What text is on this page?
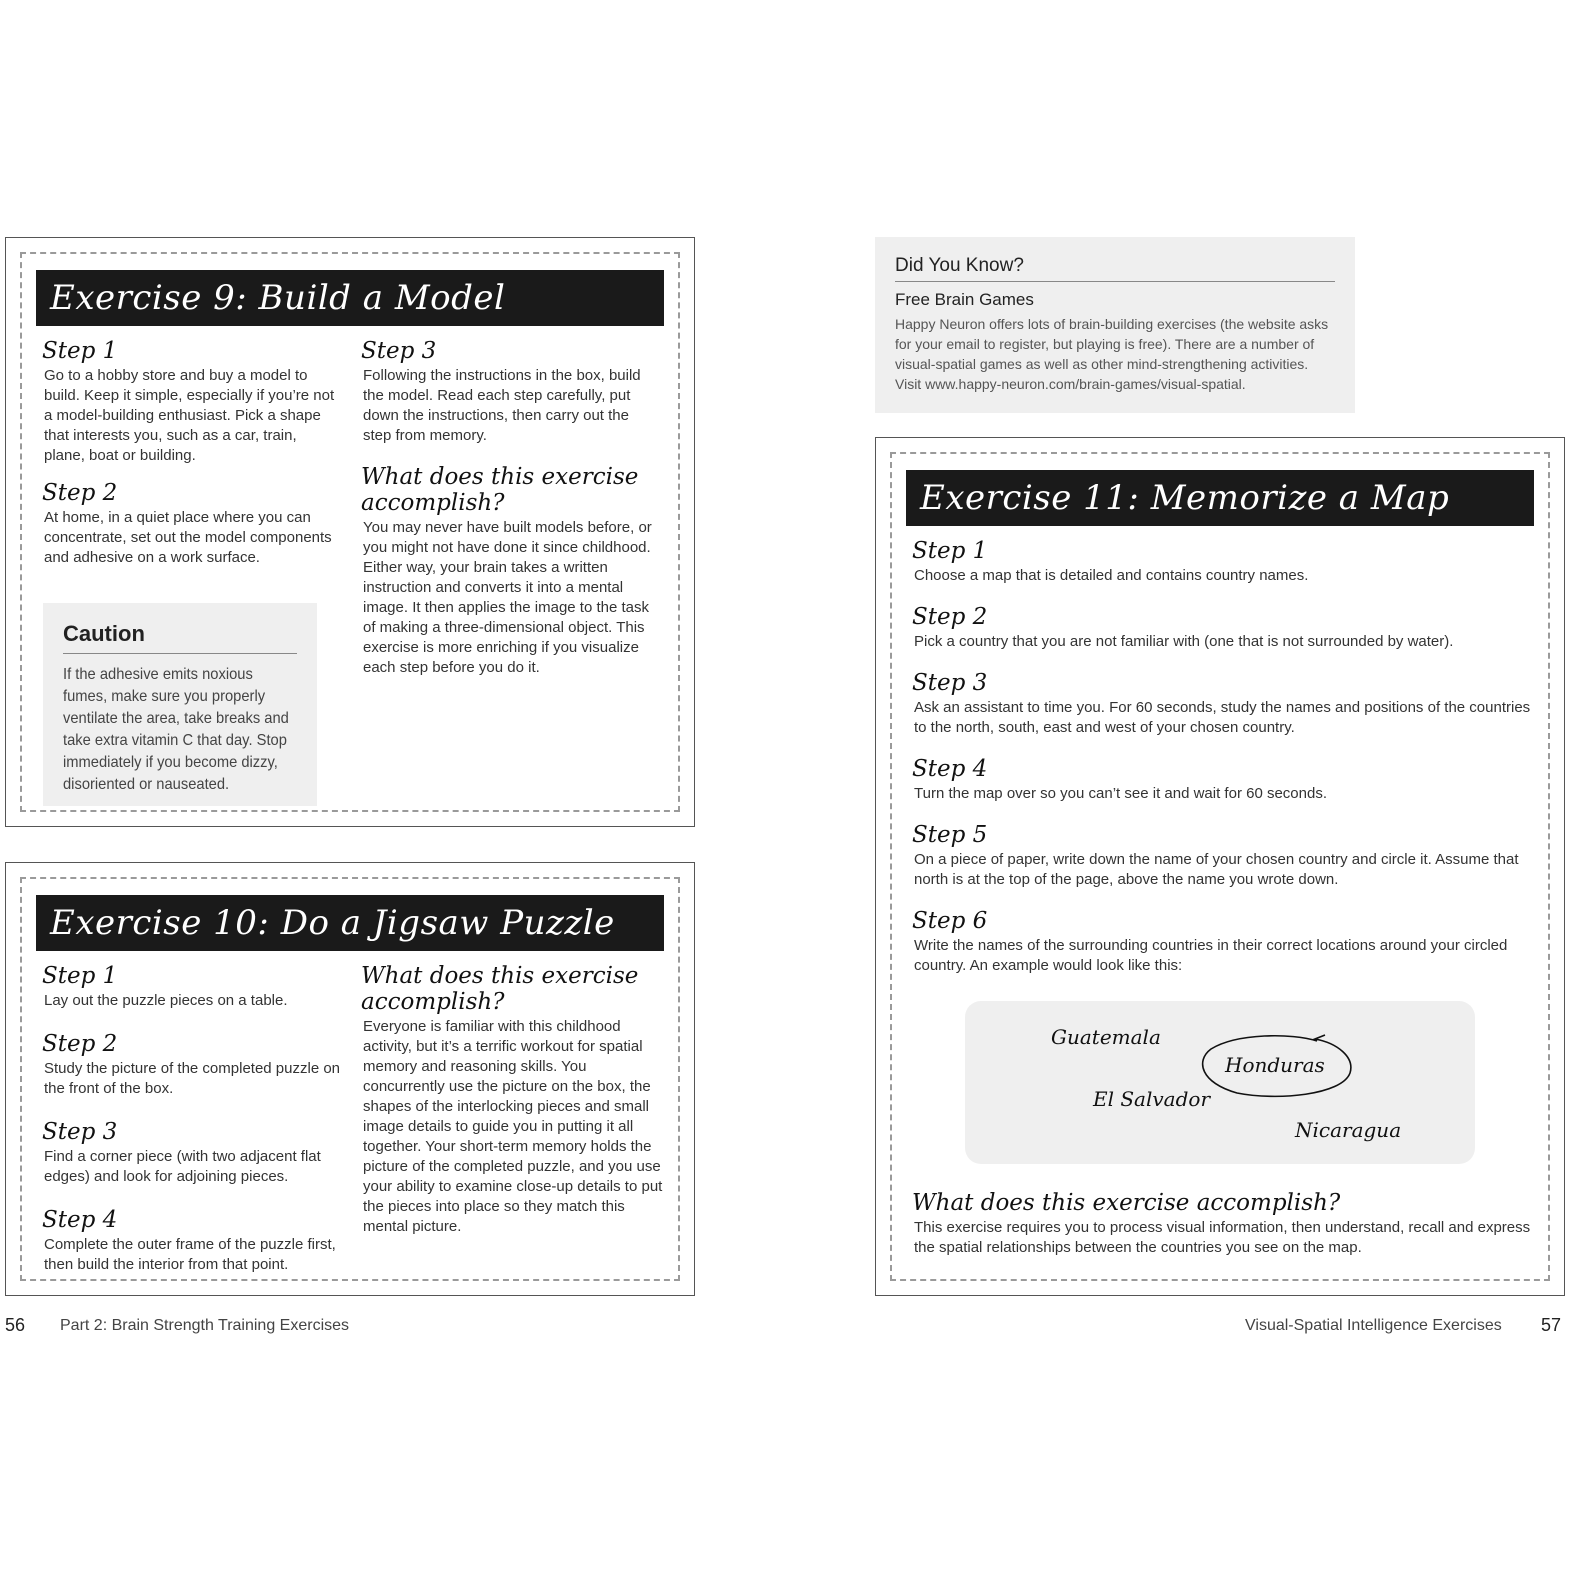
Exercise 9: Build a Model

Step 1

Go to a hobby store and buy a model to build. Keep it simple, especially if you’re not a model-building enthusiast. Pick a shape that interests you, such as a car, train, plane, boat or building.

Step 2

At home, in a quiet place where you can concentrate, set out the model components and adhesive on a work surface.

Caution

If the adhesive emits noxious fumes, make sure you properly ventilate the area, take breaks and take extra vitamin C that day. Stop immediately if you become dizzy, disoriented or nauseated.

Step 3

Following the instructions in the box, build the model. Read each step carefully, put down the instructions, then carry out the step from memory.

What does this exercise accomplish?

You may never have built models before, or you might not have done it since childhood. Either way, your brain takes a written instruction and converts it into a mental image. It then applies the image to the task of making a three-dimensional object. This exercise is more enriching if you visualize each step before you do it.

Exercise 10: Do a Jigsaw Puzzle

Step 1

Lay out the puzzle pieces on a table.

Step 2

Study the picture of the completed puzzle on the front of the box.

Step 3

Find a corner piece (with two adjacent flat edges) and look for adjoining pieces.

Step 4

Complete the outer frame of the puzzle first, then build the interior from that point.

What does this exercise accomplish?

Everyone is familiar with this childhood activity, but it’s a terrific workout for spatial memory and reasoning skills. You concurrently use the picture on the box, the shapes of the interlocking pieces and small image details to guide you in putting it all together. Your short-term memory holds the picture of the completed puzzle, and you use your ability to examine close-up details to put the pieces into place so they match this mental picture.

Did You Know?
Free Brain Games

Happy Neuron offers lots of brain-building exercises (the website asks for your email to register, but playing is free). There are a number of visual-spatial games as well as other mind-strengthening activities. Visit www.happy-neuron.com/brain-games/visual-spatial.

Exercise 11: Memorize a Map

Step 1

Choose a map that is detailed and contains country names.

Step 2

Pick a country that you are not familiar with (one that is not surrounded by water).

Step 3

Ask an assistant to time you. For 60 seconds, study the names and positions of the countries to the north, south, east and west of your chosen country.

Step 4

Turn the map over so you can’t see it and wait for 60 seconds.

Step 5

On a piece of paper, write down the name of your chosen country and circle it. Assume that north is at the top of the page, above the name you wrote down.

Step 6

Write the names of the surrounding countries in their correct locations around your circled country. An example would look like this:

Guatemala
Honduras
El Salvador
Nicaragua

What does this exercise accomplish?

This exercise requires you to process visual information, then understand, recall and express the spatial relationships between the countries you see on the map.

56 Part 2: Brain Strength Training Exercises	Visual-Spatial Intelligence Exercises 57
